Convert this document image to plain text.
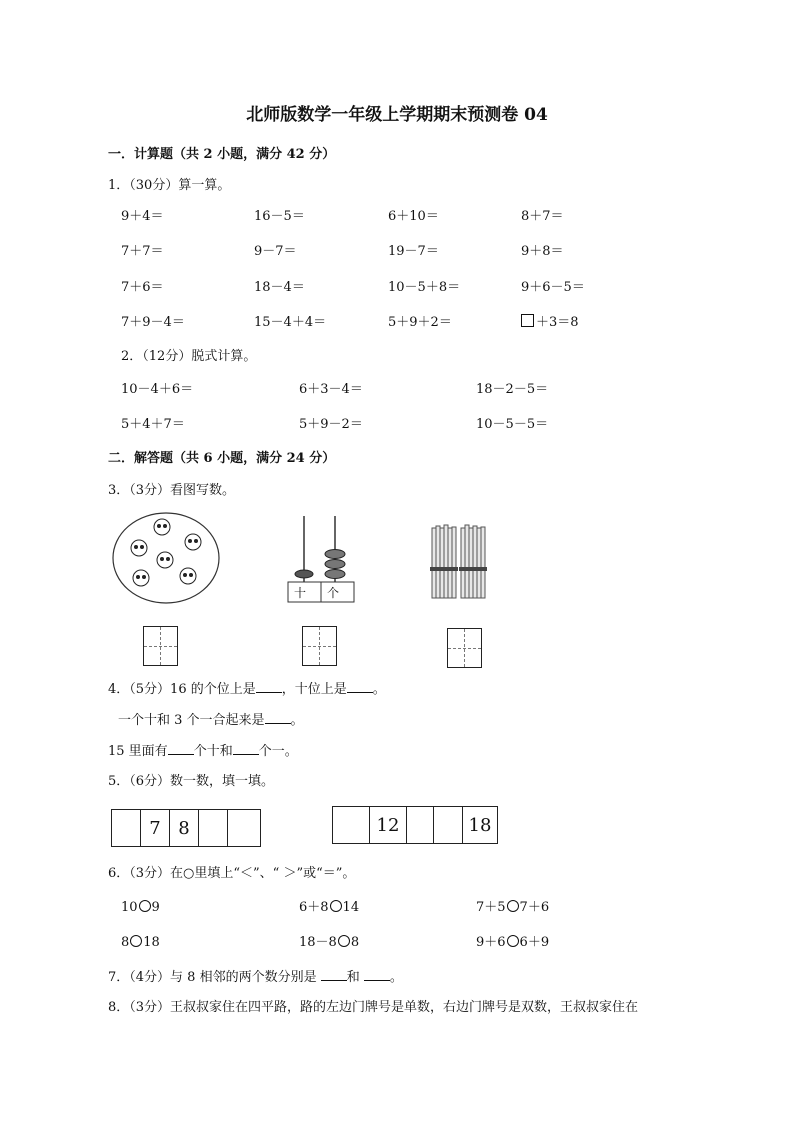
北师版数学一年级上学期期末预测卷 04
一．计算题（共 2 小题，满分 42 分）
1．（30分）算一算。
9＋4＝	16－5＝	6＋10＝	8＋7＝
7＋7＝	9－7＝	19－7＝	9＋8＝
7＋6＝	18－4＝	10－5＋8＝	9＋6－5＝
7＋9－4＝	15－4＋4＝	5＋9＋2＝	＋3＝8
2．（12分）脱式计算。
10－4＋6＝	6＋3－4＝	18－2－5＝
5＋4＋7＝	5＋9－2＝	10－5－5＝
二．解答题（共 6 小题，满分 24 分）
3．（3分）看图写数。
十 个
4．（5分）16 的个位上是 ，十位上是 。
一个十和 3 个一合起来是 。
15 里面有 个十和 个一。
5．（6分）数一数，填一填。
7 8	12	18
6．（3分）在○里填上“＜”、“ ＞”或“＝”。
10 9	6＋8 14	7＋5 7＋6
8 18	18－8 8	9＋6 6＋9
7．（4分）与 8 相邻的两个数分别是 和 。
8．（3分）王叔叔家住在四平路，路的左边门牌号是单数，右边门牌号是双数，王叔叔家住在
